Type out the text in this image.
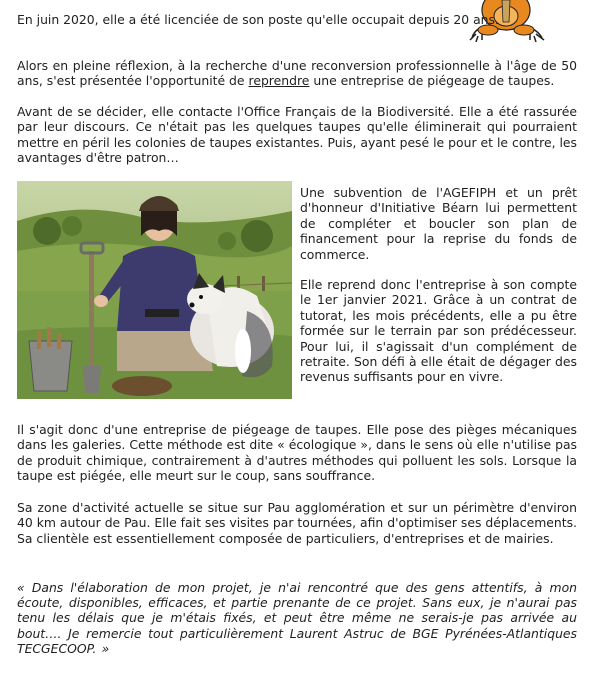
En juin 2020, elle a été licenciée de son poste qu'elle occupait depuis 20 ans.

Alors en pleine réflexion, à la recherche d'une reconversion professionnelle à l'âge de 50 ans, s'est présentée l'opportunité de reprendre une entreprise de piégeage de taupes.

Avant de se décider, elle contacte l'Office Français de la Biodiversité. Elle a été rassurée par leur discours. Ce n'était pas les quelques taupes qu'elle éliminerait qui pourraient mettre en péril les colonies de taupes existantes. Puis, ayant pesé le pour et le contre, les avantages d'être patron…

Une subvention de l'AGEFIPH et un prêt d'honneur d'Initiative Béarn lui permettent de compléter et boucler son plan de financement pour la reprise du fonds de commerce.

Elle reprend donc l'entreprise à son compte le 1er janvier 2021. Grâce à un contrat de tutorat, les mois précédents, elle a pu être formée sur le terrain par son prédécesseur. Pour lui, il s'agissait d'un complément de retraite. Son défi à elle était de dégager des revenus suffisants pour en vivre.

Il s'agit donc d'une entreprise de piégeage de taupes. Elle pose des pièges mécaniques dans les galeries. Cette méthode est dite « écologique », dans le sens où elle n'utilise pas de produit chimique, contrairement à d'autres méthodes qui polluent les sols. Lorsque la taupe est piégée, elle meurt sur le coup, sans souffrance.

Sa zone d'activité actuelle se situe sur Pau agglomération et sur un périmètre d'environ 40 km autour de Pau. Elle fait ses visites par tournées, afin d'optimiser ses déplacements. Sa clientèle est essentiellement composée de particuliers, d'entreprises et de mairies.

« Dans l'élaboration de mon projet, je n'ai rencontré que des gens attentifs, à mon écoute, disponibles, efficaces, et partie prenante de ce projet. Sans eux, je n'aurai pas tenu les délais que je m'étais fixés, et peut être même ne serais-je pas arrivée au bout…. Je remercie tout particulièrement Laurent Astruc de BGE Pyrénées-Atlantiques TECGECOOP. »
